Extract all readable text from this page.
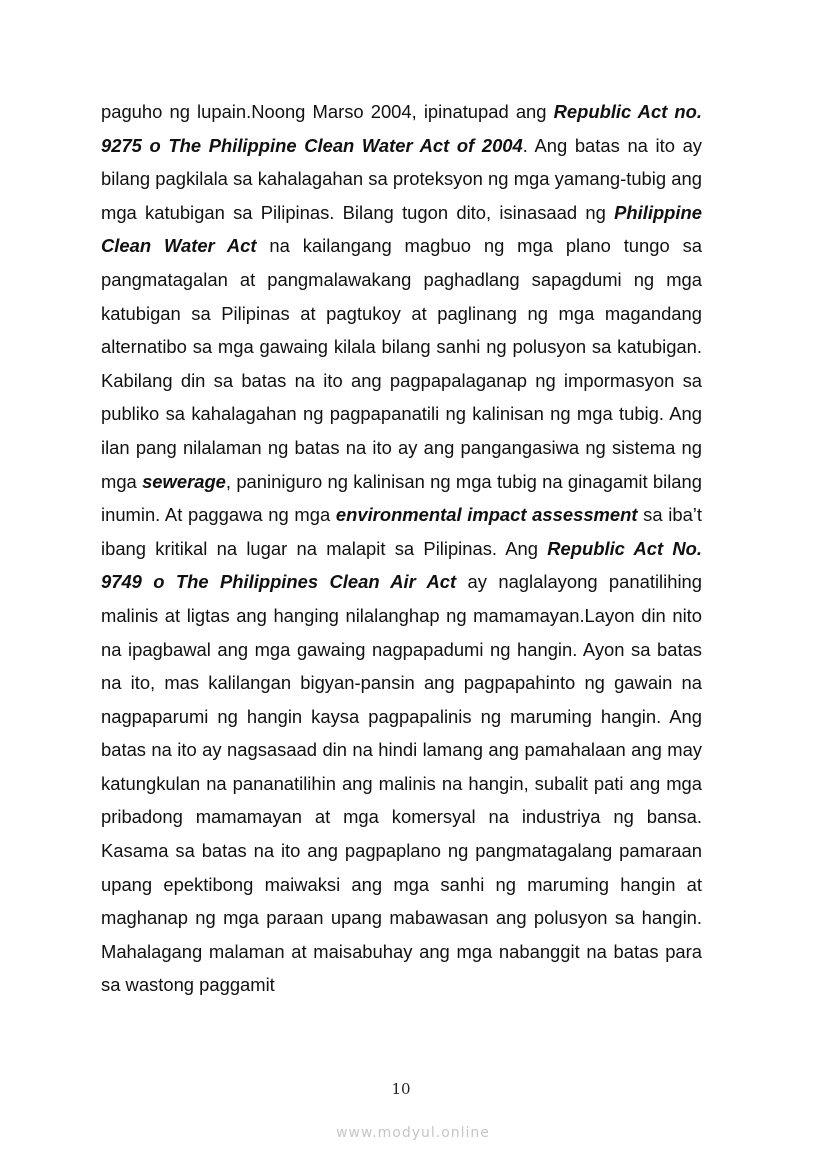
paguho ng lupain.Noong Marso 2004, ipinatupad ang Republic Act no. 9275 o The Philippine Clean Water Act of 2004. Ang batas na ito ay bilang pagkilala sa kahalagahan sa proteksyon ng mga yamang-tubig ang mga katubigan sa Pilipinas. Bilang tugon dito, isinasaad ng Philippine Clean Water Act na kailangang magbuo ng mga plano tungo sa pangmatagalan at pangmalawakang paghadlang sapagdumi ng mga katubigan sa Pilipinas at pagtukoy at paglinang ng mga magandang alternatibo sa mga gawaing kilala bilang sanhi ng polusyon sa katubigan. Kabilang din sa batas na ito ang pagpapalaganap ng impormasyon sa publiko sa kahalagahan ng pagpapanatili ng kalinisan ng mga tubig. Ang ilan pang nilalaman ng batas na ito ay ang pangangasiwa ng sistema ng mga sewerage, paniniguro ng kalinisan ng mga tubig na ginagamit bilang inumin. At paggawa ng mga environmental impact assessment sa iba’t ibang kritikal na lugar na malapit sa Pilipinas. Ang Republic Act No. 9749 o The Philippines Clean Air Act ay naglalayong panatilihing malinis at ligtas ang hanging nilalanghap ng mamamayan.Layon din nito na ipagbawal ang mga gawaing nagpapadumi ng hangin. Ayon sa batas na ito, mas kalilangan bigyan-pansin ang pagpapahinto ng gawain na nagpaparumi ng hangin kaysa pagpapalinis ng maruming hangin. Ang batas na ito ay nagsasaad din na hindi lamang ang pamahalaan ang may katungkulan na pananatilihin ang malinis na hangin, subalit pati ang mga pribadong mamamayan at mga komersyal na industriya ng bansa. Kasama sa batas na ito ang pagpaplano ng pangmatagalang pamaraan upang epektibong maiwaksi ang mga sanhi ng maruming hangin at maghanap ng mga paraan upang mabawasan ang polusyon sa hangin. Mahalagang malaman at maisabuhay ang mga nabanggit na batas para sa wastong paggamit

10
www.modyul.online
